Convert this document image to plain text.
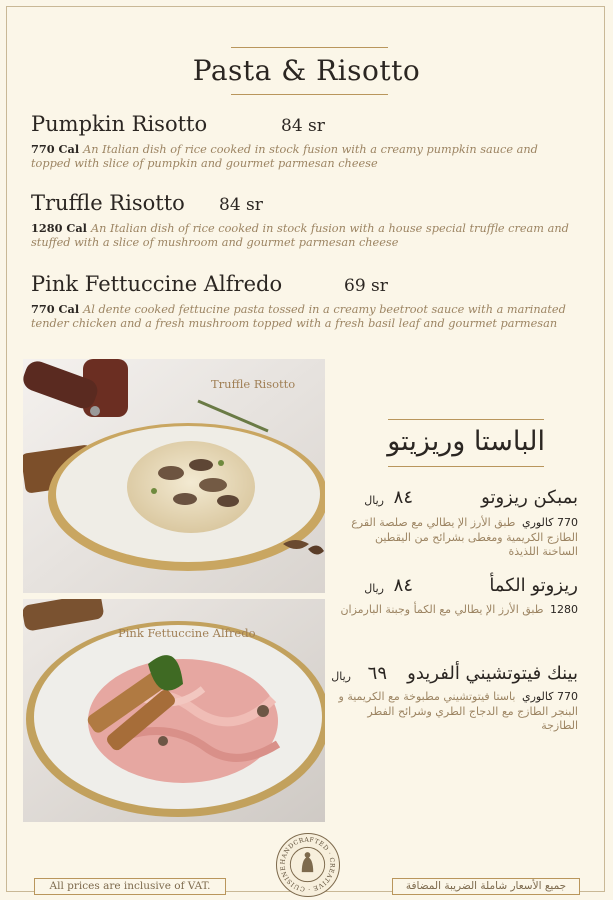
Pasta & Risotto
Pumpkin Risotto	84 sr
770 Cal An Italian dish of rice cooked in stock fusion with a creamy pumpkin sauce and topped with slice of pumpkin and gourmet parmesan cheese
Truffle Risotto 84 sr
1280 Cal An Italian dish of rice cooked in stock fusion with a house special truffle cream and stuffed with a slice of mushroom and gourmet parmesan cheese
Pink Fettuccine Alfredo	69 sr
770 Cal Al dente cooked fettucine pasta tossed in a creamy beetroot sauce with a marinated tender chicken and a fresh mushroom topped with a fresh basil leaf and gourmet parmesan
Truffle Risotto
Pink Fettuccine Alfredo
الباستا وريزيتو
بمبكن ريزوتو
٨٤
ريال
770 كالوري طبق الأرز الإ يطالي مع صلصة القرع الطازج الكريمية ومغطى بشرائح من اليقطين الساخنة اللذيذة
ريزوتو الكمأ
٨٤
ريال
1280 طبق الأرز الإ يطالي مع الكمأ وجبنة البارمزان
بينك فيتوتشيني ألفريدو
٦٩
ريال
770 كالوري باستا فيتوتشيني مطبوخة مع الكريمية و البنجر الطازج مع الدجاج الطري وشرائح الفطر الطازجة
All prices are inclusive of VAT.	جميع الأسعار شاملة الضريبة المضافة
HANDCRAFTED · CREATIVE · CUISINE
